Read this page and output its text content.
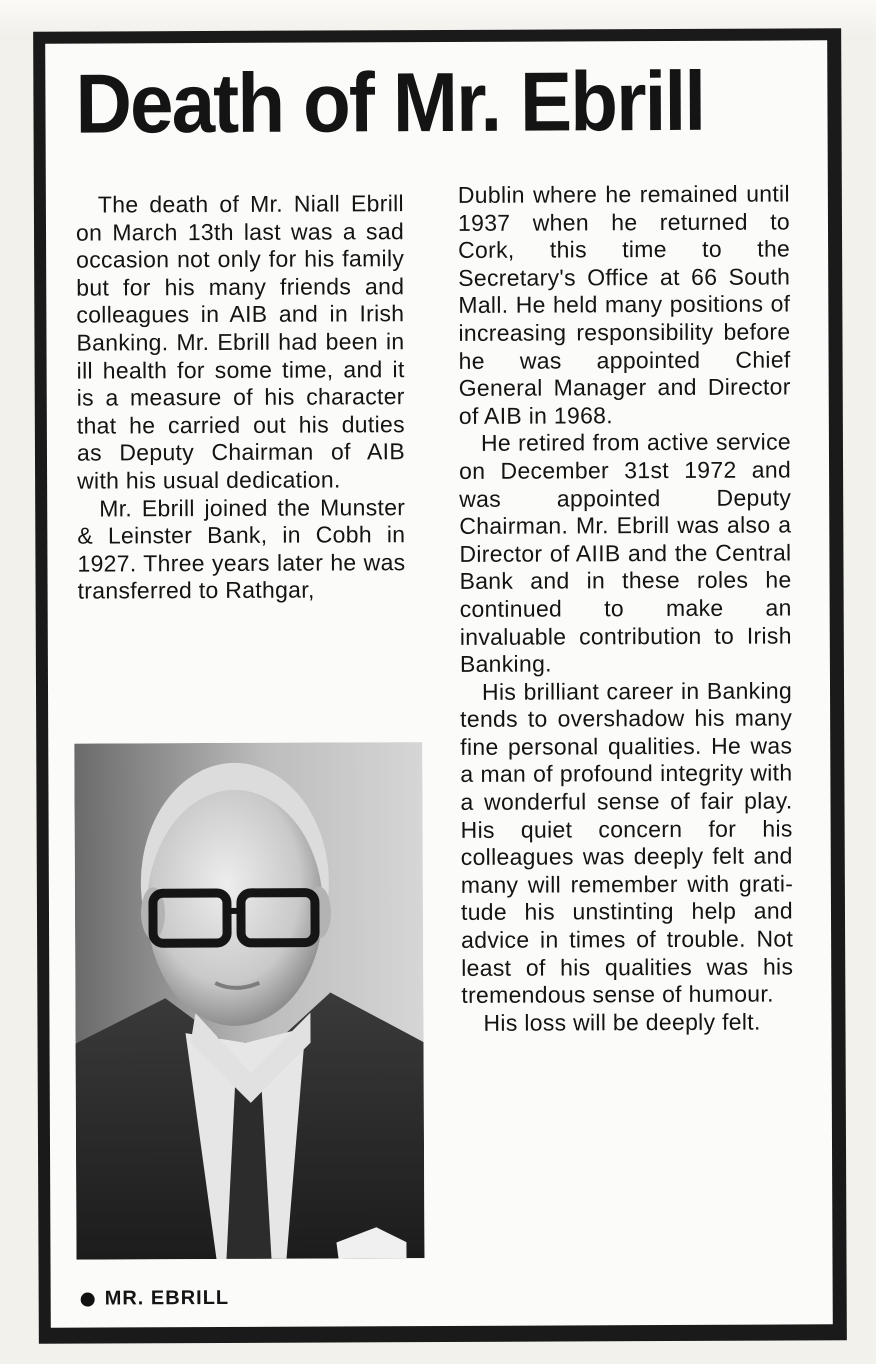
Death of Mr. Ebrill

The death of Mr. Niall Ebrill on March 13th last was a sad occasion not only for his family but for his many friends and colleagues in AIB and in Irish Banking. Mr. Ebrill had been in ill health for some time, and it is a measure of his character that he carried out his duties as Deputy Chairman of AIB with his usual dedication.

Mr. Ebrill joined the Munster & Leinster Bank, in Cobh in 1927. Three years later he was transferred to Rathgar,

MR. EBRILL

Dublin where he remained until 1937 when he returned to Cork, this time to the Secretary's Office at 66 South Mall. He held many positions of increasing responsibility before he was appointed Chief General Manager and Director of AIB in 1968.

He retired from active service on December 31st 1972 and was appointed Deputy Chairman. Mr. Ebrill was also a Director of AIIB and the Central Bank and in these roles he continued to make an invaluable contribution to Irish Banking.

His brilliant career in Banking tends to overshadow his many fine personal qualities. He was a man of profound integrity with a wonderful sense of fair play. His quiet concern for his colleagues was deeply felt and many will remember with gratitude his unstinting help and advice in times of trouble. Not least of his qualities was his tremendous sense of humour.

His loss will be deeply felt.
